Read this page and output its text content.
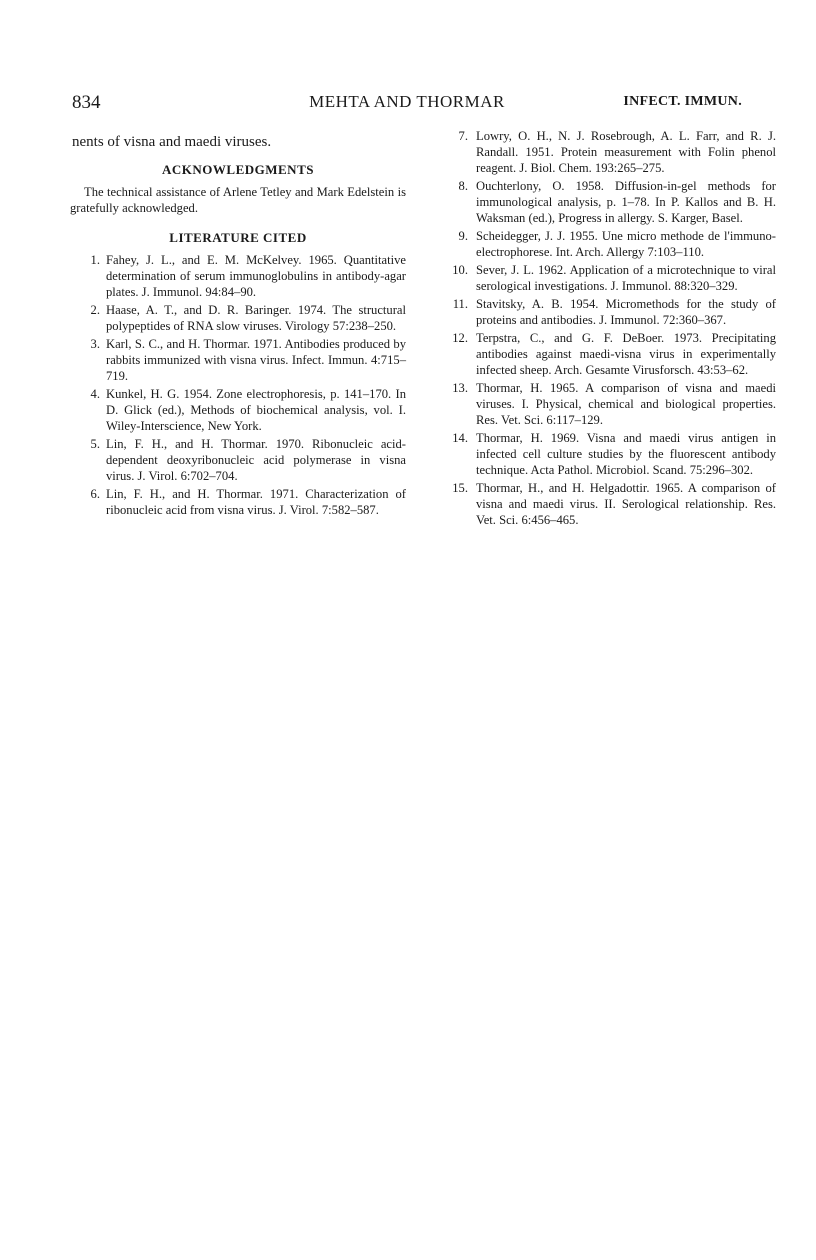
834	MEHTA AND THORMAR	INFECT. IMMUN.

nents of visna and maedi viruses.

ACKNOWLEDGMENTS

The technical assistance of Arlene Tetley and Mark Edelstein is gratefully acknowledged.

LITERATURE CITED
1. Fahey, J. L., and E. M. McKelvey. 1965. Quantitative determination of serum immunoglobulins in antibody-agar plates. J. Immunol. 94:84–90.
2. Haase, A. T., and D. R. Baringer. 1974. The structural polypeptides of RNA slow viruses. Virology 57:238–250.
3. Karl, S. C., and H. Thormar. 1971. Antibodies produced by rabbits immunized with visna virus. Infect. Immun. 4:715–719.
4. Kunkel, H. G. 1954. Zone electrophoresis, p. 141–170. In D. Glick (ed.), Methods of biochemical analysis, vol. I. Wiley-Interscience, New York.
5. Lin, F. H., and H. Thormar. 1970. Ribonucleic acid-dependent deoxyribonucleic acid polymerase in visna virus. J. Virol. 6:702–704.
6. Lin, F. H., and H. Thormar. 1971. Characterization of ribonucleic acid from visna virus. J. Virol. 7:582–587.
7. Lowry, O. H., N. J. Rosebrough, A. L. Farr, and R. J. Randall. 1951. Protein measurement with Folin phenol reagent. J. Biol. Chem. 193:265–275.
8. Ouchterlony, O. 1958. Diffusion-in-gel methods for immunological analysis, p. 1–78. In P. Kallos and B. H. Waksman (ed.), Progress in allergy. S. Karger, Basel.
9. Scheidegger, J. J. 1955. Une micro methode de l'immuno-electrophorese. Int. Arch. Allergy 7:103–110.
10. Sever, J. L. 1962. Application of a microtechnique to viral serological investigations. J. Immunol. 88:320–329.
11. Stavitsky, A. B. 1954. Micromethods for the study of proteins and antibodies. J. Immunol. 72:360–367.
12. Terpstra, C., and G. F. DeBoer. 1973. Precipitating antibodies against maedi-visna virus in experimentally infected sheep. Arch. Gesamte Virusforsch. 43:53–62.
13. Thormar, H. 1965. A comparison of visna and maedi viruses. I. Physical, chemical and biological properties. Res. Vet. Sci. 6:117–129.
14. Thormar, H. 1969. Visna and maedi virus antigen in infected cell culture studies by the fluorescent antibody technique. Acta Pathol. Microbiol. Scand. 75:296–302.
15. Thormar, H., and H. Helgadottir. 1965. A comparison of visna and maedi virus. II. Serological relationship. Res. Vet. Sci. 6:456–465.
